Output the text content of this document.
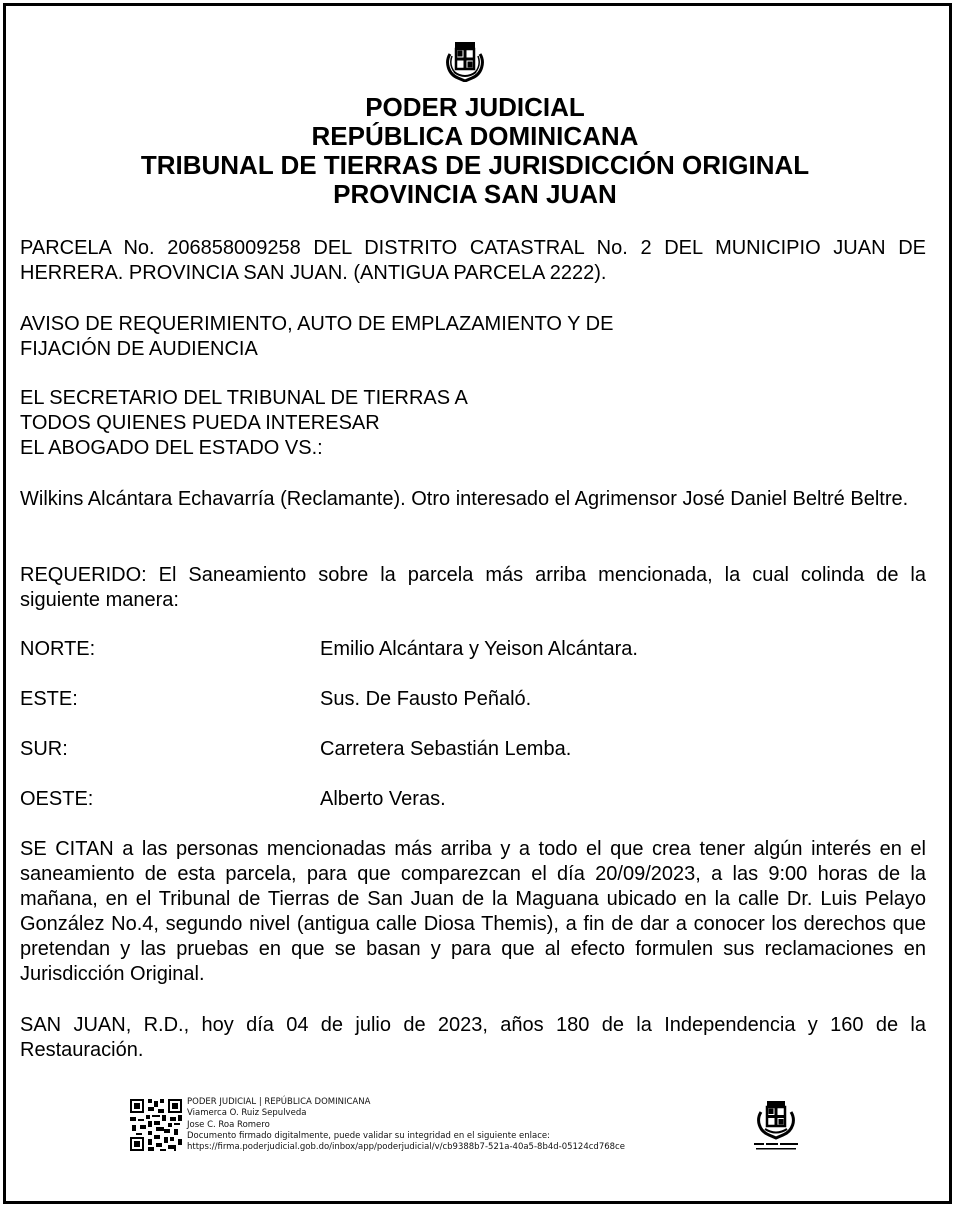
PODER JUDICIAL
REPÚBLICA DOMINICANA
TRIBUNAL DE TIERRAS DE JURISDICCIÓN ORIGINAL
PROVINCIA SAN JUAN
PARCELA No. 206858009258 DEL DISTRITO CATASTRAL No. 2 DEL MUNICIPIO JUAN DE HERRERA. PROVINCIA SAN JUAN. (ANTIGUA PARCELA 2222).
AVISO DE REQUERIMIENTO, AUTO DE EMPLAZAMIENTO Y DE
FIJACIÓN DE AUDIENCIA
EL SECRETARIO DEL TRIBUNAL DE TIERRAS A
TODOS QUIENES PUEDA INTERESAR
EL ABOGADO DEL ESTADO VS.:
Wilkins Alcántara Echavarría (Reclamante). Otro interesado el Agrimensor José Daniel Beltré Beltre.
REQUERIDO: El Saneamiento sobre la parcela más arriba mencionada, la cual colinda de la siguiente manera:
NORTE:	Emilio Alcántara y Yeison Alcántara.
ESTE:	Sus. De Fausto Peñaló.
SUR:	Carretera Sebastián Lemba.
OESTE:	Alberto Veras.
SE CITAN a las personas mencionadas más arriba y a todo el que crea tener algún interés en el saneamiento de esta parcela, para que comparezcan el día 20/09/2023, a las 9:00 horas de la mañana, en el Tribunal de Tierras de San Juan de la Maguana ubicado en la calle Dr. Luis Pelayo González No.4, segundo nivel (antigua calle Diosa Themis), a fin de dar a conocer los derechos que pretendan y las pruebas en que se basan y para que al efecto formulen sus reclamaciones en Jurisdicción Original.
SAN JUAN, R.D., hoy día 04 de julio de 2023, años 180 de la Independencia y 160 de la Restauración.
PODER JUDICIAL | REPÚBLICA DOMINICANA
Viamerca O. Ruiz Sepulveda
Jose C. Roa Romero
Documento firmado digitalmente, puede validar su integridad en el siguiente enlace:
https://firma.poderjudicial.gob.do/inbox/app/poderjudicial/v/cb9388b7-521a-40a5-8b4d-05124cd768ce
